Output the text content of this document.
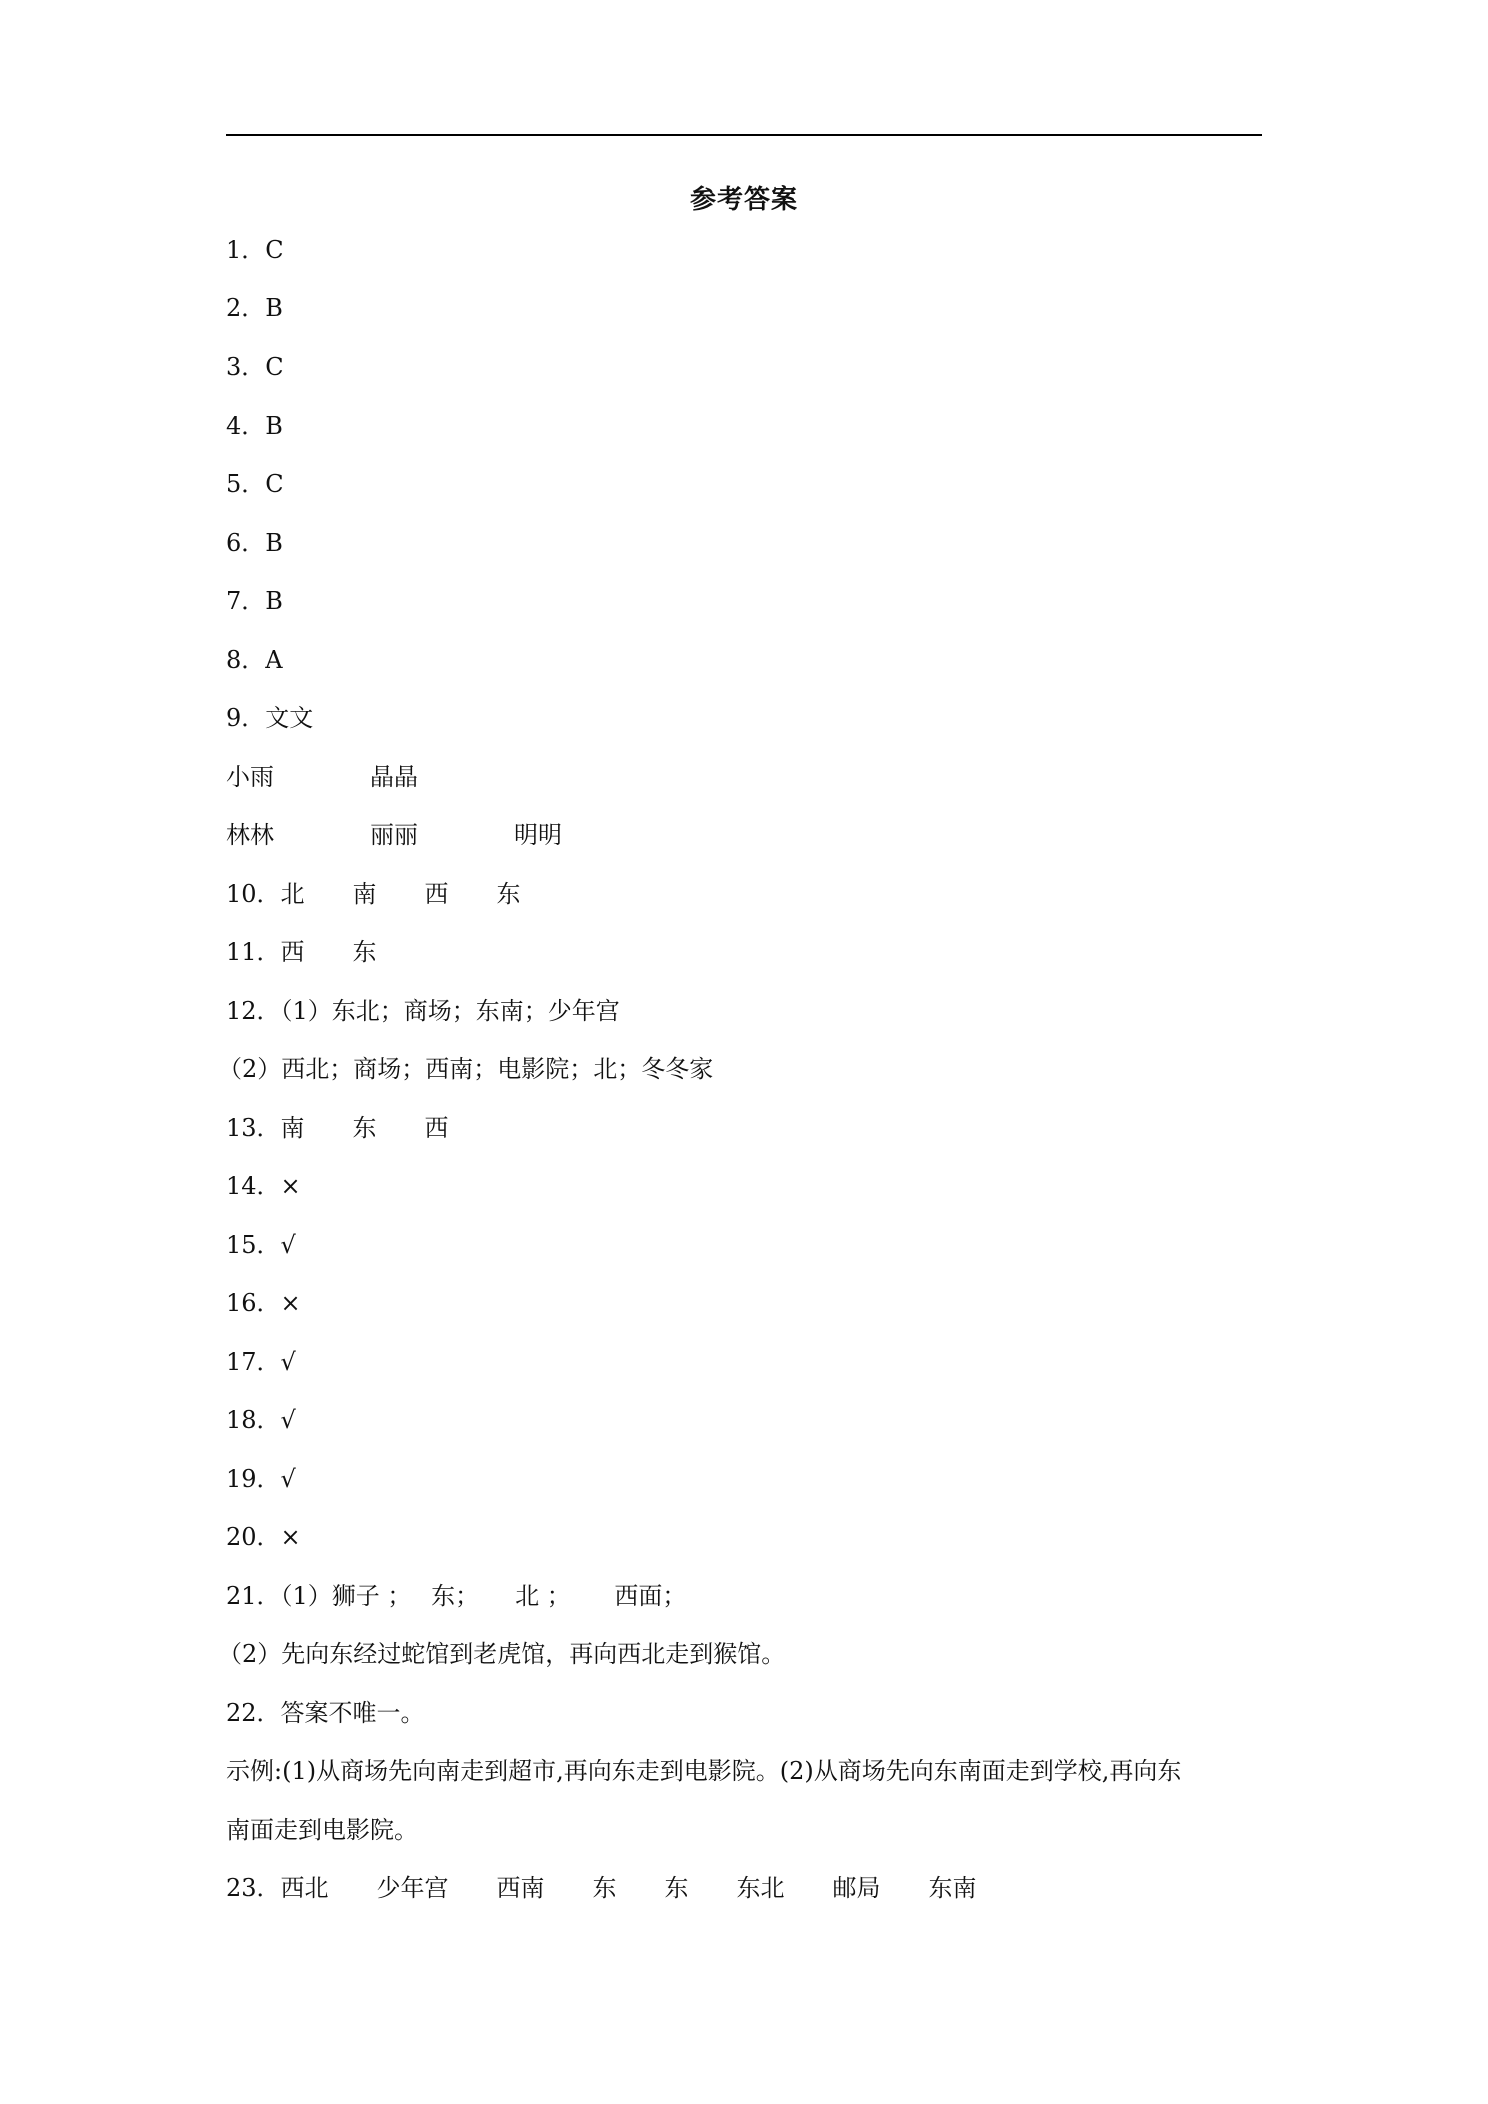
参考答案
1．C
2．B
3．C
4．B
5．C
6．B
7．B
8．A
9．文文
小雨　　　　晶晶
林林　　　　丽丽　　　　明明
10．北　　南　　西　　东
11．西　　东
12．（1）东北；商场；东南；少年宫
（2）西北；商场；西南；电影院；北；冬冬家
13．南　　东　　西
14．×
15．√
16．×
17．√
18．√
19．√
20．×
21．（1）狮子 ；　 东；　　北 ；　　 西面；
（2）先向东经过蛇馆到老虎馆，再向西北走到猴馆。
22．答案不唯一。
示例:(1)从商场先向南走到超市,再向东走到电影院。(2)从商场先向东南面走到学校,再向东
南面走到电影院。
23．西北　　少年宫　　西南　　东　　东　　东北　　邮局　　东南
